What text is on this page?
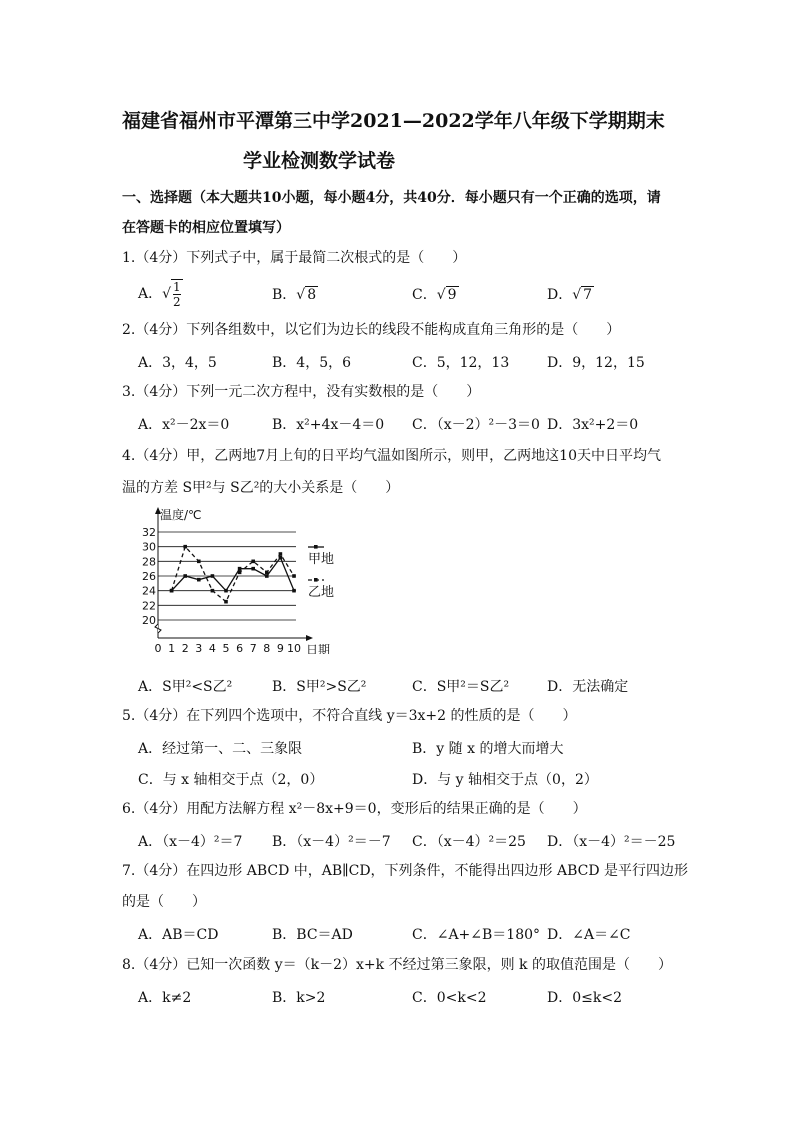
福建省福州市平潭第三中学2021—2022学年八年级下学期期末
学业检测数学试卷
一、选择题（本大题共10小题，每小题4分，共40分．每小题只有一个正确的选项，请
在答题卡的相应位置填写）
1.（4分）下列式子中，属于最简二次根式的是（　　）
A．√ $\frac{1}{2}$	B．√ 8	C．√ 9	D．√ 7
2.（4分）下列各组数中，以它们为边长的线段不能构成直角三角形的是（　　）
A．3，4，5	B．4，5，6	C．5，12，13	D．9，12，15
3.（4分）下列一元二次方程中，没有实数根的是（　　）
A．x²－2x＝0	B．x²+4x－4＝0 C．（x－2）²－3＝0 D．3x²+2＝0
4.（4分）甲，乙两地7月上旬的日平均气温如图所示，则甲，乙两地这10天中日平均气
温的方差 S甲²与 S乙²的大小关系是（　　）
20
22
24
26
28
30
32
0 1 2 3 4 5 6 7 8 9 10
温度/℃
日期
甲地
乙地
A．S甲²<S乙²	B．S甲²>S乙²	C．S甲²＝S乙²	D．无法确定
5.（4分）在下列四个选项中，不符合直线 y＝3x+2 的性质的是（　　）
A．经过第一、二、三象限	B．y 随 x 的增大而增大
C．与 x 轴相交于点（2，0）	D．与 y 轴相交于点（0，2）
6.（4分）用配方法解方程 x²－8x+9＝0，变形后的结果正确的是（　　）
A．（x－4）²＝7 B．（x－4）²＝－7 C．（x－4）²＝25 D．（x－4）²＝－25
7.（4分）在四边形 ABCD 中，AB∥CD，下列条件，不能得出四边形 ABCD 是平行四边形
的是（　　）
A．AB＝CD	B．BC＝AD	C．∠A+∠B＝180° D．∠A＝∠C
8.（4分）已知一次函数 y＝（k－2）x+k 不经过第三象限，则 k 的取值范围是（　　）
A．k≠2	B．k>2	C．0<k<2	D．0≤k<2
